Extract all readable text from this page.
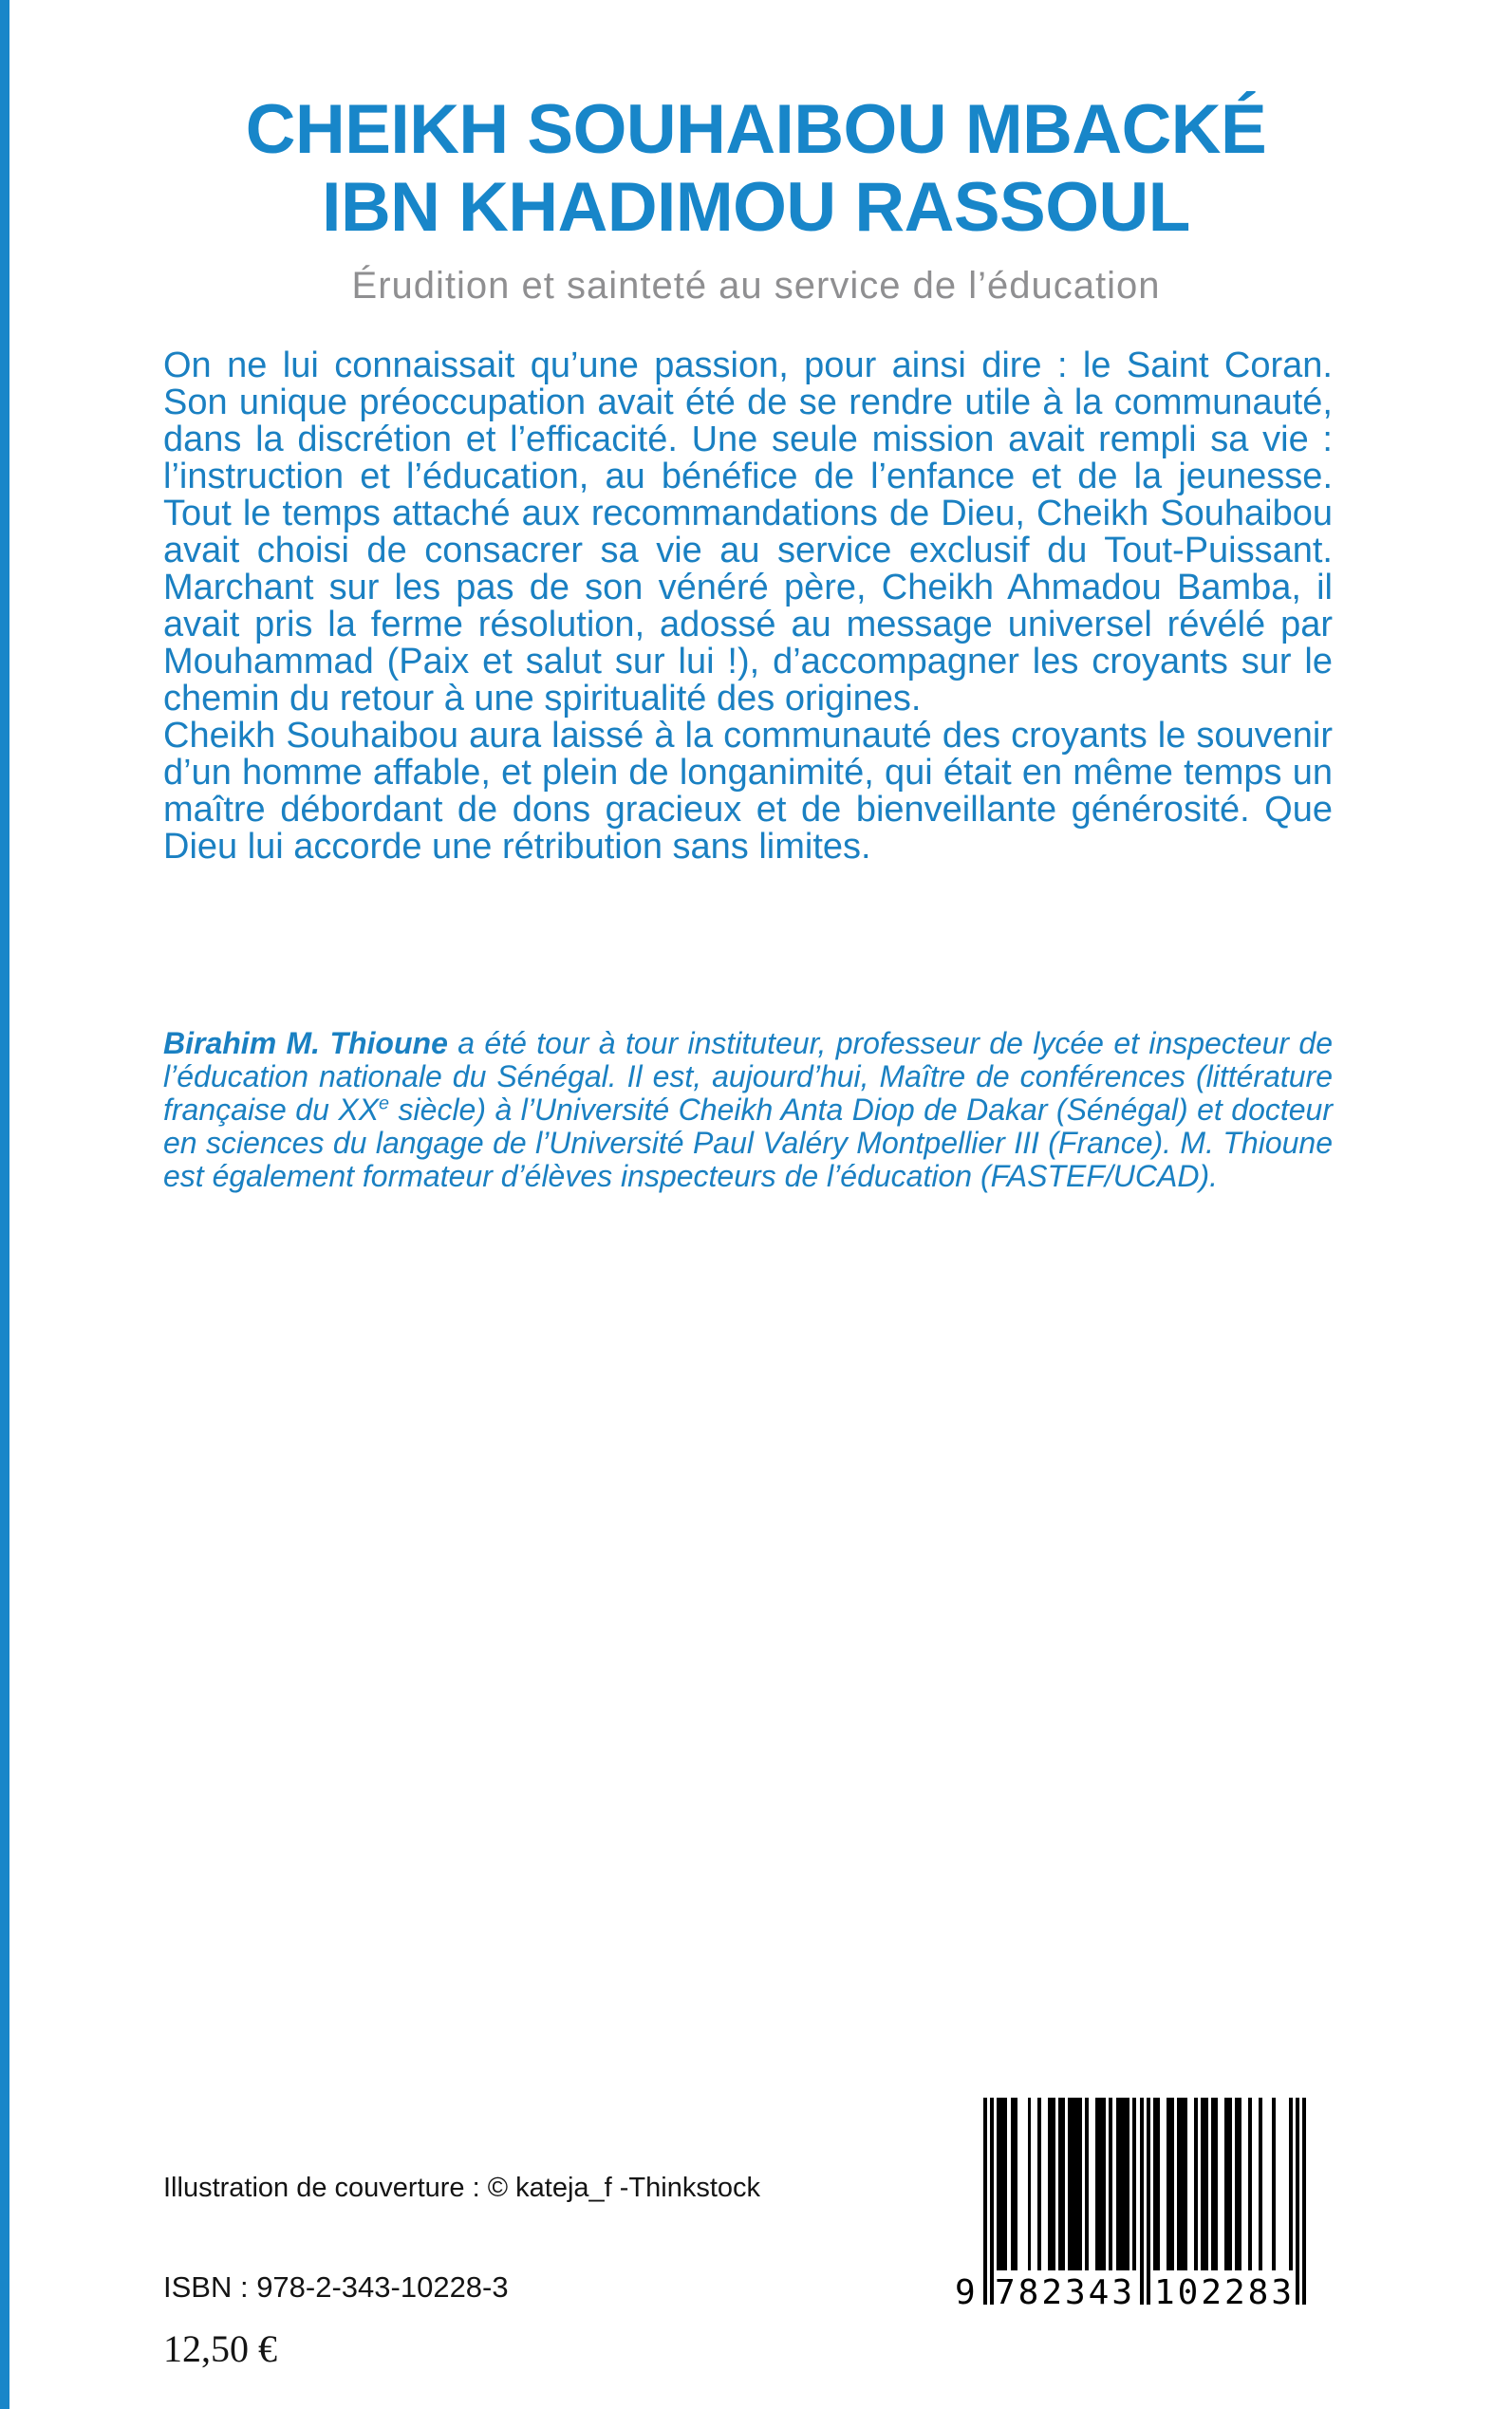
CHEIKH SOUHAIBOU MBACKÉ
IBN KHADIMOU RASSOUL
Érudition et sainteté au service de l’éducation

On ne lui connaissait qu’une passion, pour ainsi dire : le Saint Coran. Son unique préoccupation avait été de se rendre utile à la communauté, dans la discrétion et l’efficacité. Une seule mission avait rempli sa vie : l’instruction et l’éducation, au bénéfice de l’enfance et de la jeunesse. Tout le temps attaché aux recommandations de Dieu, Cheikh Souhaibou avait choisi de consacrer sa vie au service exclusif du Tout-Puissant. Marchant sur les pas de son vénéré père, Cheikh Ahmadou Bamba, il avait pris la ferme résolution, adossé au message universel révélé par Mouhammad (Paix et salut sur lui !), d’accompagner les croyants sur le chemin du retour à une spiritualité des origines.

Cheikh Souhaibou aura laissé à la communauté des croyants le souvenir d’un homme affable, et plein de longanimité, qui était en même temps un maître débordant de dons gracieux et de bienveillante générosité. Que Dieu lui accorde une rétribution sans limites.

Birahim M. Thioune a été tour à tour instituteur, professeur de lycée et inspecteur de l’éducation nationale du Sénégal. Il est, aujourd’hui, Maître de conférences (littérature française du XXe siècle) à l’Université Cheikh Anta Diop de Dakar (Sénégal) et docteur en sciences du langage de l’Université Paul Valéry Montpellier III (France). M. Thioune est également formateur d’élèves inspecteurs de l’éducation (FASTEF/UCAD).

Illustration de couverture : © kateja_f -Thinkstock
ISBN : 978-2-343-10228-3
12,50 €
9 782343 102283
